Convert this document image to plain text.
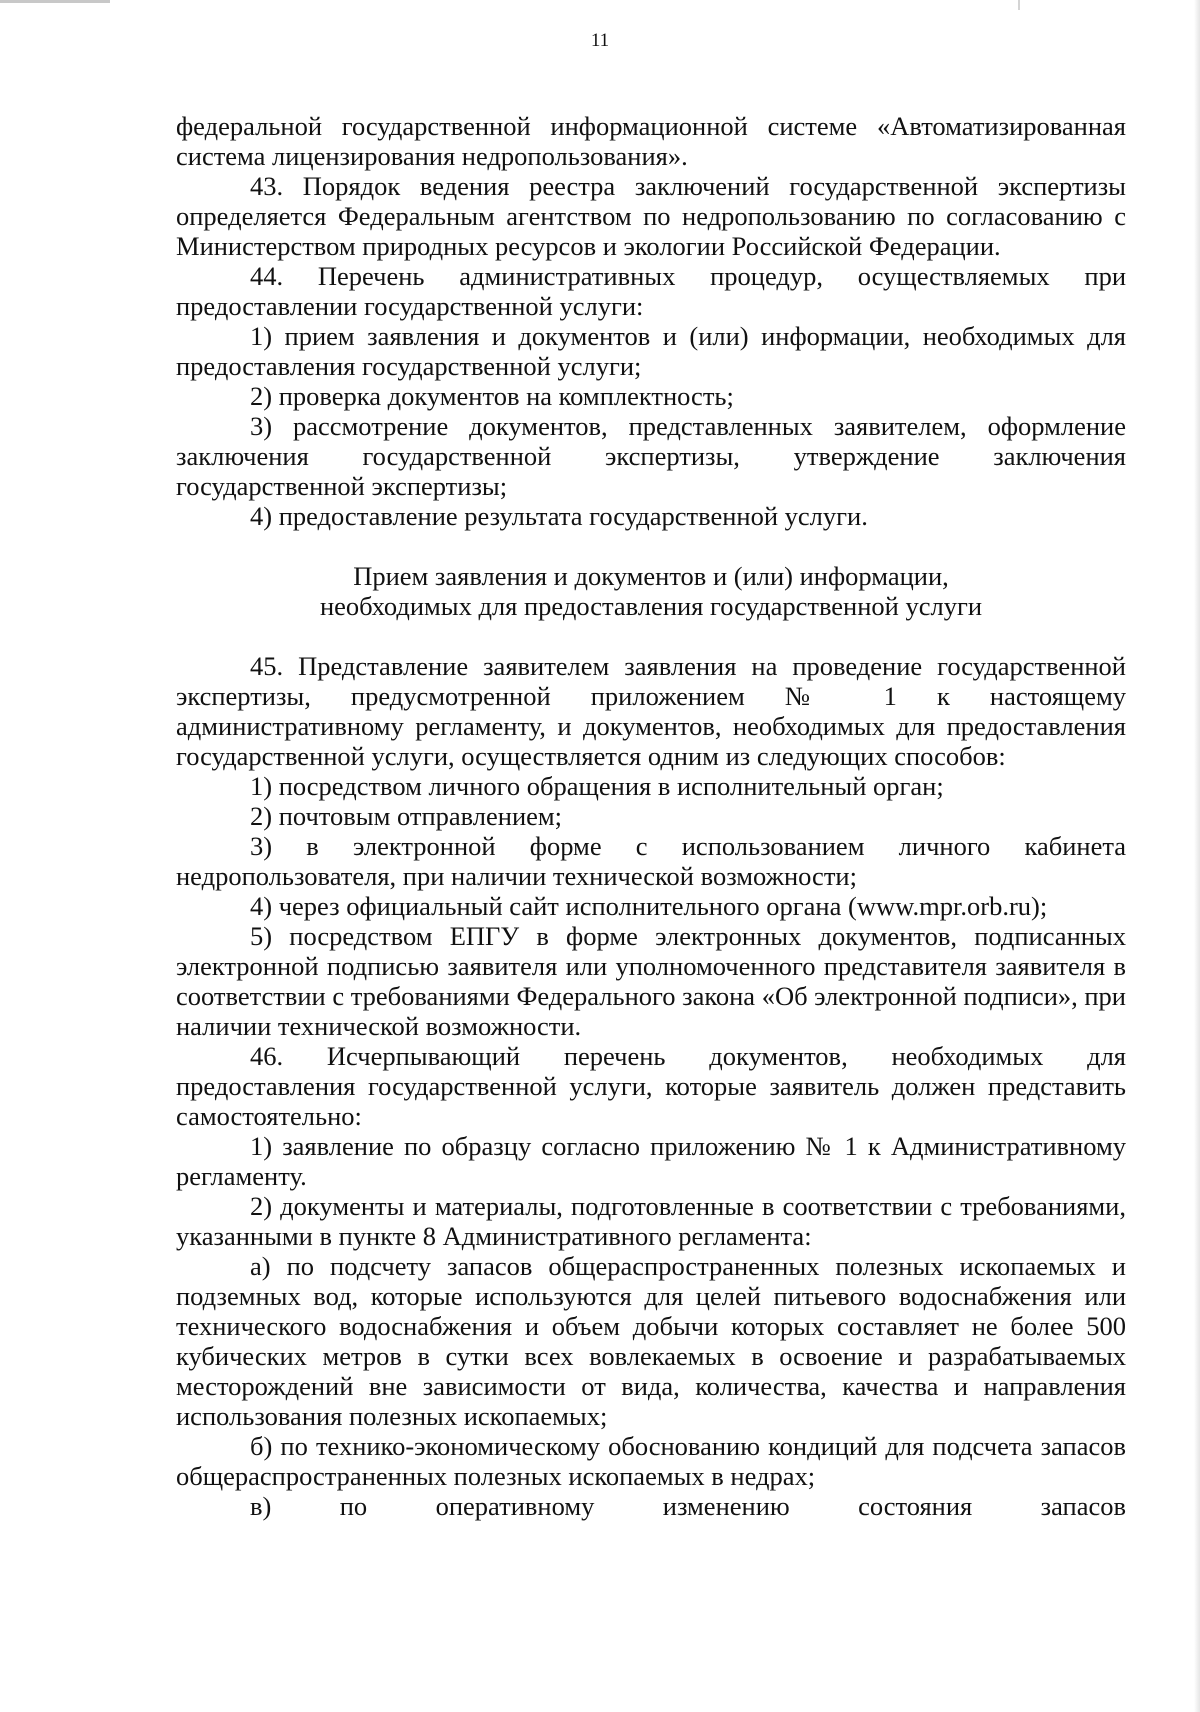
11

федеральной государственной информационной системе «Автоматизированная система лицензирования недропользования».

43. Порядок ведения реестра заключений государственной экспертизы определяется Федеральным агентством по недропользованию по согласованию с Министерством природных ресурсов и экологии Российской Федерации.

44. Перечень административных процедур, осуществляемых при предоставлении государственной услуги:

1) прием заявления и документов и (или) информации, необходимых для предоставления государственной услуги;

2) проверка документов на комплектность;

3) рассмотрение документов, представленных заявителем, оформление заключения государственной экспертизы, утверждение заключения государственной экспертизы;

4) предоставление результата государственной услуги.

Прием заявления и документов и (или) информации,
необходимых для предоставления государственной услуги

45. Представление заявителем заявления на проведение государственной экспертизы, предусмотренной приложением № 1 к настоящему административному регламенту, и документов, необходимых для предоставления государственной услуги, осуществляется одним из следующих способов:

1) посредством личного обращения в исполнительный орган;

2) почтовым отправлением;

3) в электронной форме с использованием личного кабинета недропользователя, при наличии технической возможности;

4) через официальный сайт исполнительного органа (www.mpr.orb.ru);

5) посредством ЕПГУ в форме электронных документов, подписанных электронной подписью заявителя или уполномоченного представителя заявителя в соответствии с требованиями Федерального закона «Об электронной подписи», при наличии технической возможности.

46. Исчерпывающий перечень документов, необходимых для предоставления государственной услуги, которые заявитель должен представить самостоятельно:

1) заявление по образцу согласно приложению № 1 к Административному регламенту.

2) документы и материалы, подготовленные в соответствии с требованиями, указанными в пункте 8 Административного регламента:

а) по подсчету запасов общераспространенных полезных ископаемых и подземных вод, которые используются для целей питьевого водоснабжения или технического водоснабжения и объем добычи которых составляет не более 500 кубических метров в сутки всех вовлекаемых в освоение и разрабатываемых месторождений вне зависимости от вида, количества, качества и направления использования полезных ископаемых;

б) по технико-экономическому обоснованию кондиций для подсчета запасов общераспространенных полезных ископаемых в недрах;

в) по оперативному изменению состояния запасов
